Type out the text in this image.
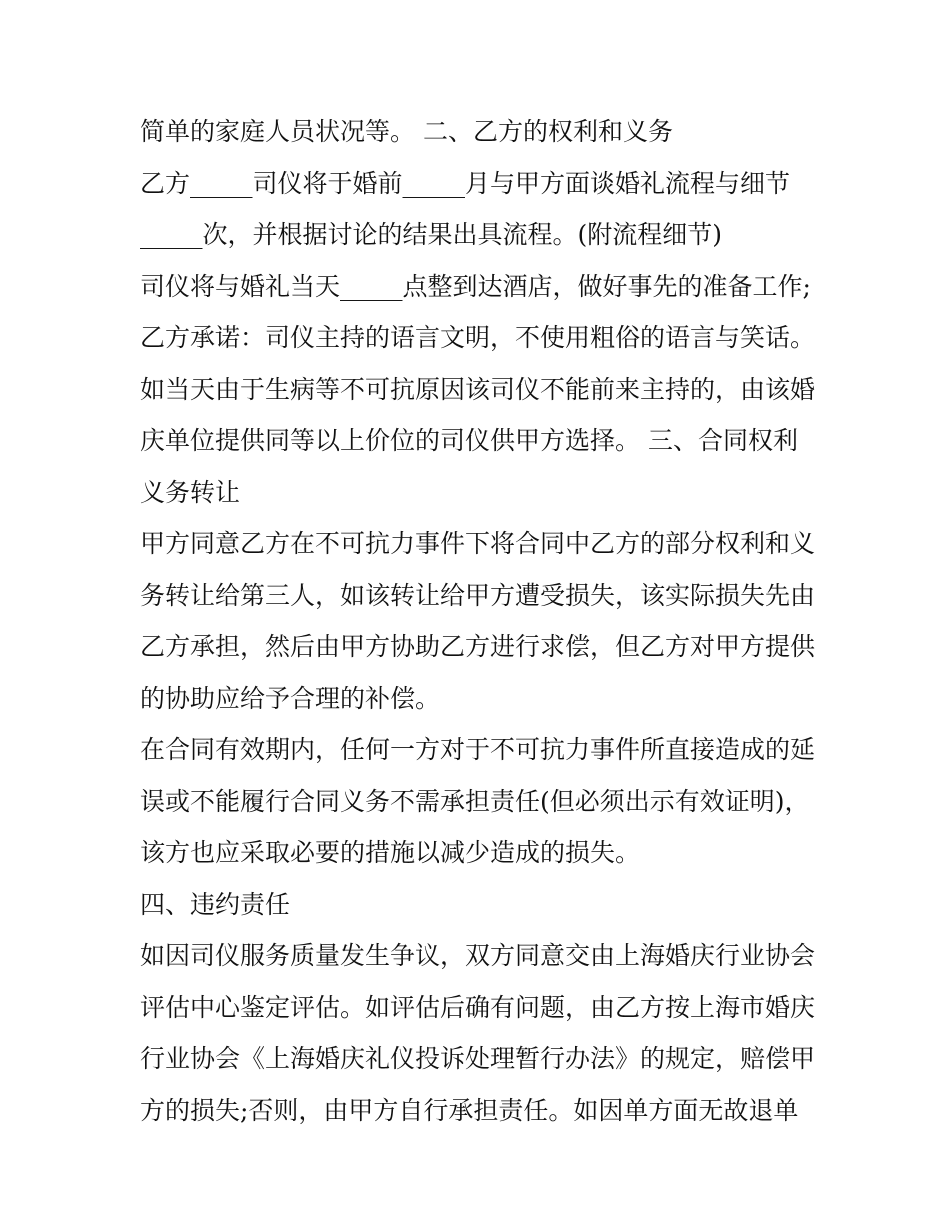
简单的家庭人员状况等。 二、乙方的权利和义务
乙方_____司仪将于婚前_____月与甲方面谈婚礼流程与细节
_____次，并根据讨论的结果出具流程。(附流程细节)
司仪将与婚礼当天_____点整到达酒店，做好事先的准备工作;
乙方承诺：司仪主持的语言文明，不使用粗俗的语言与笑话。
如当天由于生病等不可抗原因该司仪不能前来主持的，由该婚
庆单位提供同等以上价位的司仪供甲方选择。 三、合同权利
义务转让
甲方同意乙方在不可抗力事件下将合同中乙方的部分权利和义
务转让给第三人，如该转让给甲方遭受损失，该实际损失先由
乙方承担，然后由甲方协助乙方进行求偿，但乙方对甲方提供
的协助应给予合理的补偿。
在合同有效期内，任何一方对于不可抗力事件所直接造成的延
误或不能履行合同义务不需承担责任(但必须出示有效证明)，
该方也应采取必要的措施以减少造成的损失。
四、违约责任
如因司仪服务质量发生争议，双方同意交由上海婚庆行业协会
评估中心鉴定评估。如评估后确有问题，由乙方按上海市婚庆
行业协会《上海婚庆礼仪投诉处理暂行办法》的规定，赔偿甲
方的损失;否则，由甲方自行承担责任。如因单方面无故退单
